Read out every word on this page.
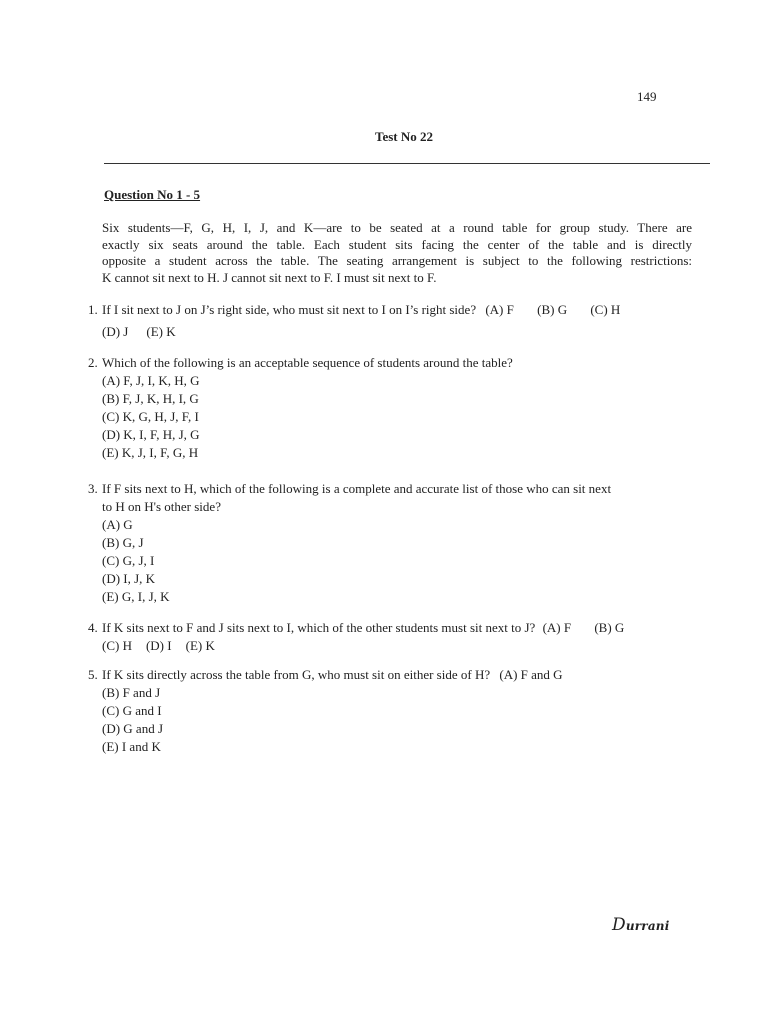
149
Test No 22
Question No 1 - 5
Six students—F, G, H, I, J, and K—are to be seated at a round table for group study. There are
exactly six seats around the table. Each student sits facing the center of the table and is directly
opposite a student across the table. The seating arrangement is subject to the following restrictions:
K cannot sit next to H. J cannot sit next to F. I must sit next to F.
1. If I sit next to J on J’s right side, who must sit next to I on I’s right side? (A) F (B) G (C) H
(D) J (E) K
2. Which of the following is an acceptable sequence of students around the table?
(A) F, J, I, K, H, G
(B) F, J, K, H, I, G
(C) K, G, H, J, F, I
(D) K, I, F, H, J, G
(E) K, J, I, F, G, H
3. If F sits next to H, which of the following is a complete and accurate list of those who can sit next
to H on H's other side?
(A) G
(B) G, J
(C) G, J, I
(D) I, J, K
(E) G, I, J, K
4. If K sits next to F and J sits next to I, which of the other students must sit next to J? (A) F (B) G
(C) H (D) I (E) K
5. If K sits directly across the table from G, who must sit on either side of H? (A) F and G
(B) F and J
(C) G and I
(D) G and J
(E) I and K
Durrani
